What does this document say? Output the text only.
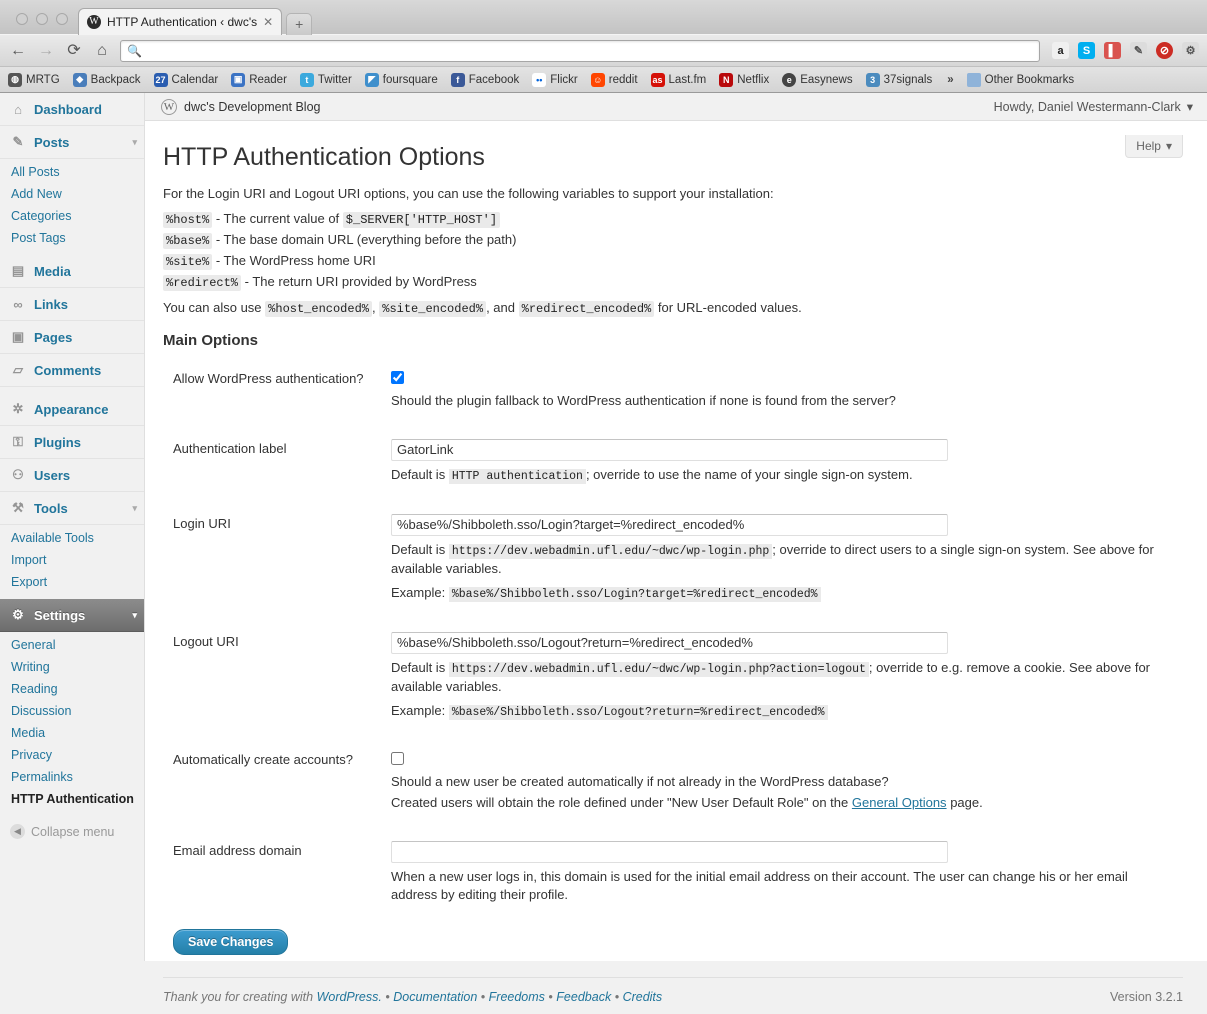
W HTTP Authentication ‹ dwc's ✕	+
← → ⟳	⌂	🔍	a	S	▌	✎	⊘	⚙
◍ MRTG	◆ Backpack 27 Calendar	▣ Reader	t Twitter	◤ foursquare	f Facebook	•• Flickr ☺ reddit as Last.fm	N Netflix	e Easynews	3 37signals »	Other Bookmarks
⌂ Dashboard
✎ Posts	▾
All Posts
Add New
Categories
Post Tags
▤ Media
∞ Links
▣ Pages
▱ Comments
✲ Appearance
⚿ Plugins
⚇ Users
⚒ Tools	▾
Available Tools
Import
Export
⚙ Settings	▾
General
Writing
Reading
Discussion
Media
Privacy
Permalinks
HTTP Authentication
◀ Collapse menu
W dwc's Development Blog	Howdy, Daniel Westermann-Clark ▾
Help ▾
HTTP Authentication Options

For the Login URI and Logout URI options, you can use the following variables to support your installation:

%host% - The current value of $_SERVER['HTTP_HOST']
%base% - The base domain URL (everything before the path)
%site% - The WordPress home URI
%redirect% - The return URI provided by WordPress

You can also use %host_encoded% , %site_encoded% , and %redirect_encoded% for URL-encoded values.

Main Options
Allow WordPress authentication?	Should the plugin fallback to WordPress authentication if none is found from the server?

Authentication label	GatorLink
Default is HTTP authentication ; override to use the name of your single sign-on system.

Login URI	%base%/Shibboleth.sso/Login?target=%redirect_encoded%
Default is https://dev.webadmin.ufl.edu/~dwc/wp-login.php ; override to direct users to a single sign-on system. See above for available variables.
Example: %base%/Shibboleth.sso/Login?target=%redirect_encoded%

Logout URI	%base%/Shibboleth.sso/Logout?return=%redirect_encoded%
Default is https://dev.webadmin.ufl.edu/~dwc/wp-login.php?action=logout ; override to e.g. remove a cookie. See above for available variables.
Example: %base%/Shibboleth.sso/Logout?return=%redirect_encoded%

Automatically create accounts?	Should a new user be created automatically if not already in the WordPress database?
Created users will obtain the role defined under "New User Default Role" on the General Options page.

Email address domain	When a new user logs in, this domain is used for the initial email address on their account. The user can change his or her email address by editing their profile.
Save Changes
Thank you for creating with WordPress. • Documentation • Freedoms • Feedback • Credits	Version 3.2.1
